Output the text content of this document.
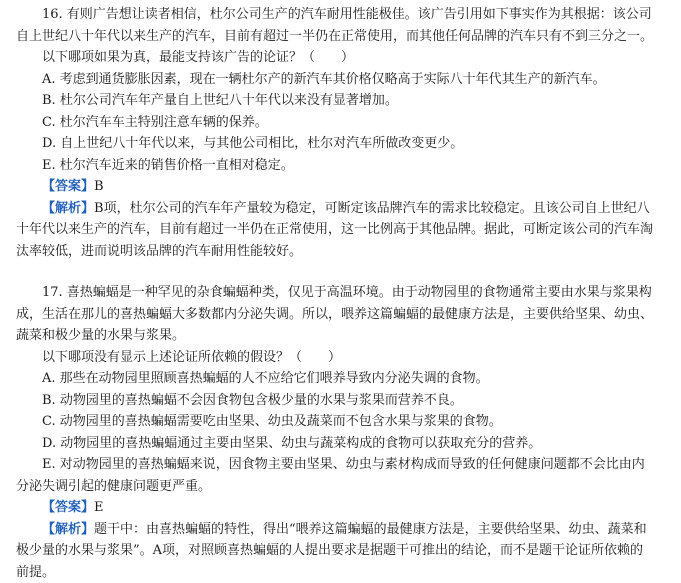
16. 有则广告想让读者相信，杜尔公司生产的汽车耐用性能极佳。该广告引用如下事实作为其根据：该公司
自上世纪八十年代以来生产的汽车，目前有超过一半仍在正常使用，而其他任何品牌的汽车只有不到三分之一。
以下哪项如果为真，最能支持该广告的论证？（　　）
A. 考虑到通货膨胀因素，现在一辆杜尔产的新汽车其价格仅略高于实际八十年代其生产的新汽车。
B. 杜尔公司汽车年产量自上世纪八十年代以来没有显著增加。
C. 杜尔汽车车主特别注意车辆的保养。
D. 自上世纪八十年代以来，与其他公司相比，杜尔对汽车所做改变更少。
E. 杜尔汽车近来的销售价格一直相对稳定。
【答案】B
【解析】B项，杜尔公司的汽车年产量较为稳定，可断定该品牌汽车的需求比较稳定。且该公司自上世纪八
十年代以来生产的汽车，目前有超过一半仍在正常使用，这一比例高于其他品牌。据此，可断定该公司的汽车淘
汰率较低，进而说明该品牌的汽车耐用性能较好。
17. 喜热蝙蝠是一种罕见的杂食蝙蝠种类，仅见于高温环境。由于动物园里的食物通常主要由水果与浆果构
成，生活在那儿的喜热蝙蝠大多数都内分泌失调。所以，喂养这篇蝙蝠的最健康方法是，主要供给坚果、幼虫、
蔬菜和极少量的水果与浆果。
以下哪项没有显示上述论证所依赖的假设？（　　）
A. 那些在动物园里照顾喜热蝙蝠的人不应给它们喂养导致内分泌失调的食物。
B. 动物园里的喜热蝙蝠不会因食物包含极少量的水果与浆果而营养不良。
C. 动物园里的喜热蝙蝠需要吃由坚果、幼虫及蔬菜而不包含水果与浆果的食物。
D. 动物园里的喜热蝙蝠通过主要由坚果、幼虫与蔬菜构成的食物可以获取充分的营养。
E. 对动物园里的喜热蝙蝠来说，因食物主要由坚果、幼虫与素材构成而导致的任何健康问题都不会比由内
分泌失调引起的健康问题更严重。
【答案】E
【解析】题干中：由喜热蝙蝠的特性，得出“喂养这篇蝙蝠的最健康方法是，主要供给坚果、幼虫、蔬菜和
极少量的水果与浆果”。A项，对照顾喜热蝙蝠的人提出要求是据题干可推出的结论，而不是题干论证所依赖的
前提。
